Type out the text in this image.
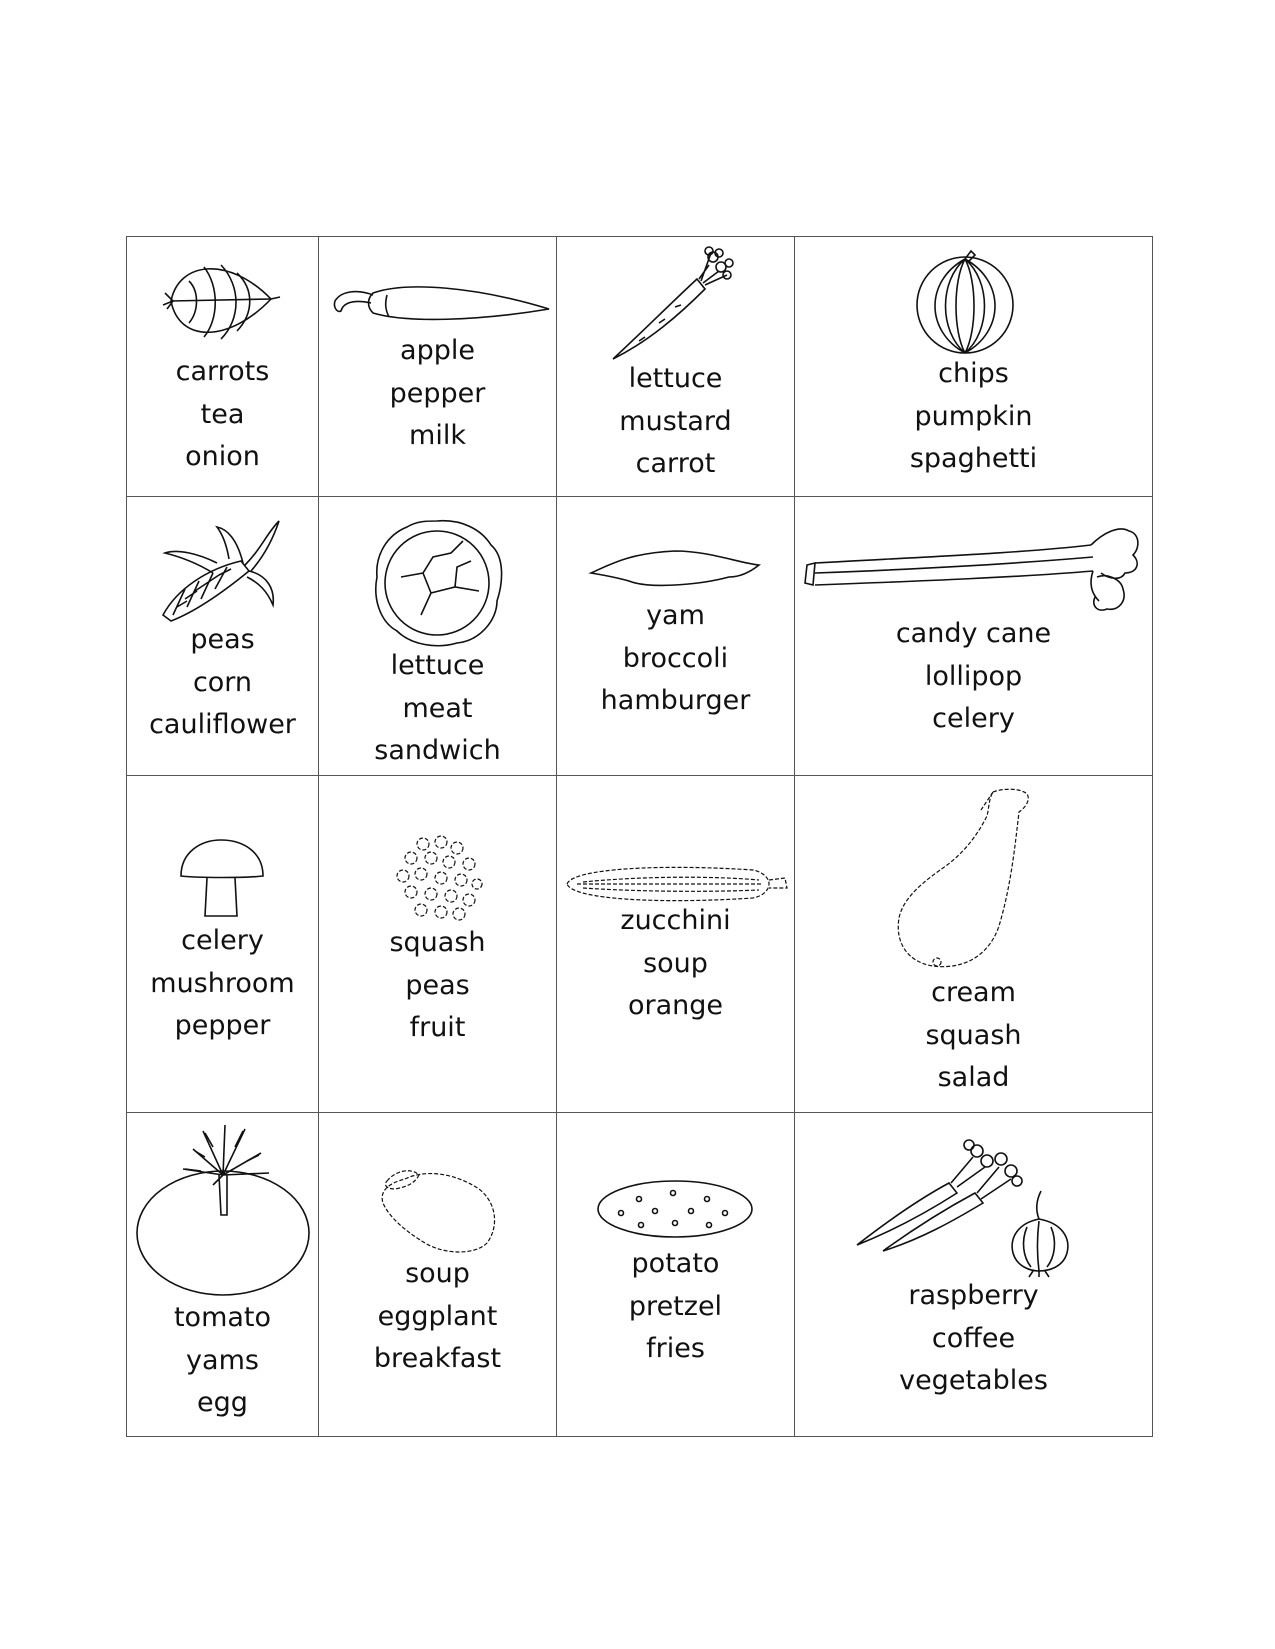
carrots
tea
onion
apple
pepper
milk
lettuce
mustard
carrot
chips
pumpkin
spaghetti
peas
corn
cauliflower
lettuce
meat
sandwich
yam
broccoli
hamburger
candy cane
lollipop
celery
celery
mushroom
pepper
squash
peas
fruit
zucchini
soup
orange	cream
squash
salad
tomato
yams
egg
soup
eggplant
breakfast
potato
pretzel
fries
raspberry
coffee
vegetables
